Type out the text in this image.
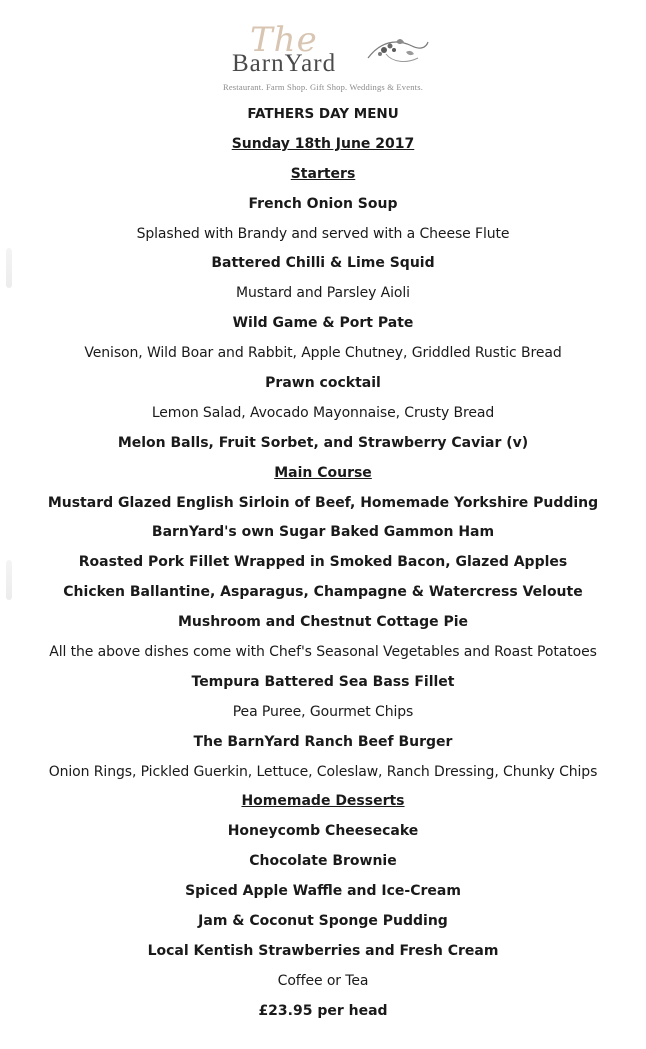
The
BarnYard
Restaurant. Farm Shop. Gift Shop. Weddings & Events.
FATHERS DAY MENU
Sunday 18th June 2017
Starters
French Onion Soup
Splashed with Brandy and served with a Cheese Flute
Battered Chilli & Lime Squid
Mustard and Parsley Aioli
Wild Game & Port Pate
Venison, Wild Boar and Rabbit, Apple Chutney, Griddled Rustic Bread
Prawn cocktail
Lemon Salad, Avocado Mayonnaise, Crusty Bread
Melon Balls, Fruit Sorbet, and Strawberry Caviar (v)
Main Course
Mustard Glazed English Sirloin of Beef, Homemade Yorkshire Pudding
BarnYard's own Sugar Baked Gammon Ham
Roasted Pork Fillet Wrapped in Smoked Bacon, Glazed Apples
Chicken Ballantine, Asparagus, Champagne & Watercress Veloute
Mushroom and Chestnut Cottage Pie
All the above dishes come with Chef's Seasonal Vegetables and Roast Potatoes
Tempura Battered Sea Bass Fillet
Pea Puree, Gourmet Chips
The BarnYard Ranch Beef Burger
Onion Rings, Pickled Guerkin, Lettuce, Coleslaw, Ranch Dressing, Chunky Chips
Homemade Desserts
Honeycomb Cheesecake
Chocolate Brownie
Spiced Apple Waffle and Ice-Cream
Jam & Coconut Sponge Pudding
Local Kentish Strawberries and Fresh Cream
Coffee or Tea
£23.95 per head
